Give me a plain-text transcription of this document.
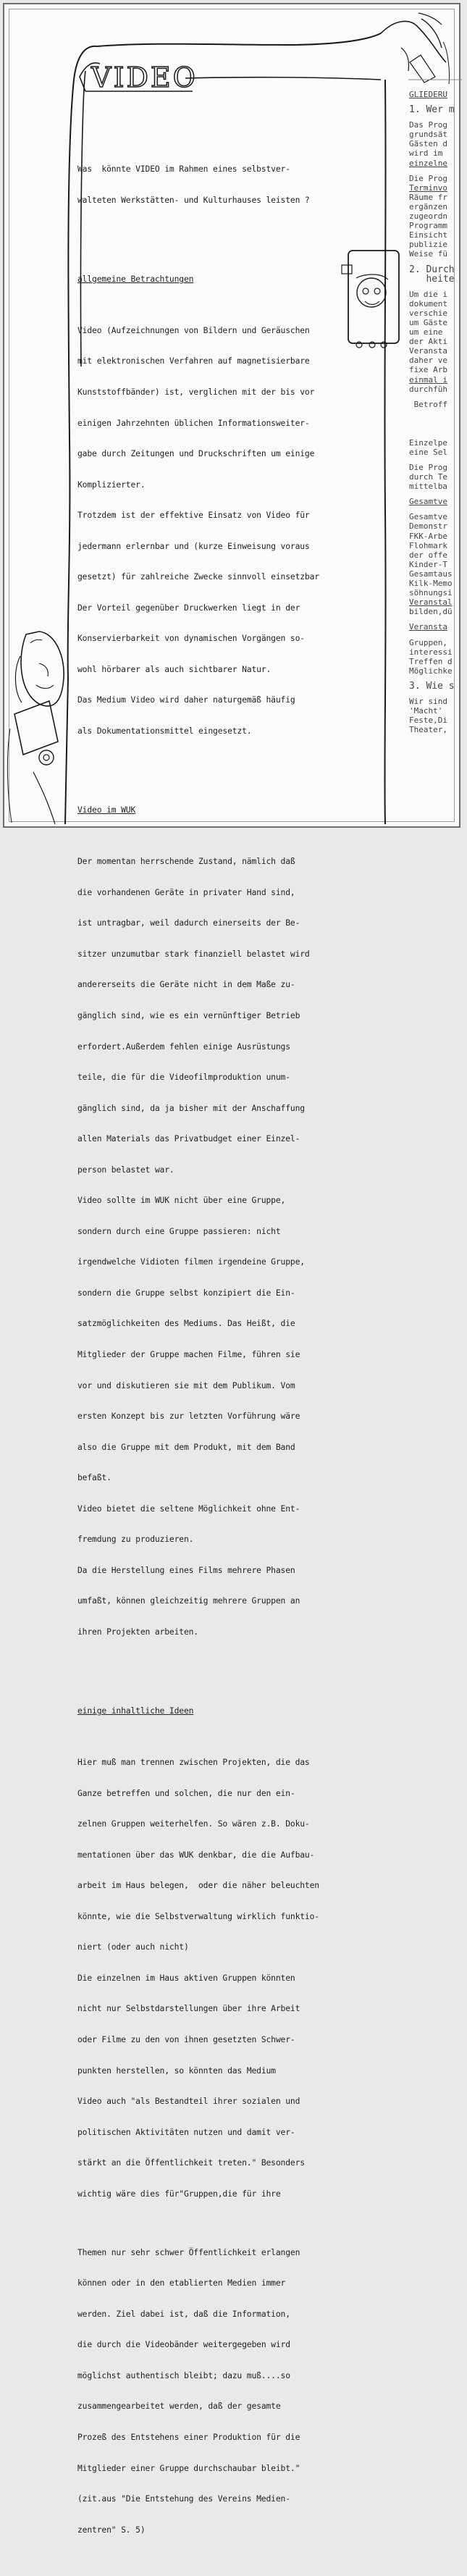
VIDEO

Was  könnte VIDEO im Rahmen eines selbstver-

walteten Werkstätten- und Kulturhauses leisten ?

allgemeine Betrachtungen

Video (Aufzeichnungen von Bildern und Geräuschen

mit elektronischen Verfahren auf magnetisierbare

Kunststoffbänder) ist, verglichen mit der bis vor

einigen Jahrzehnten üblichen Informationsweiter-

gabe durch Zeitungen und Druckschriften um einige

Komplizierter.

Trotzdem ist der effektive Einsatz von Video für

jedermann erlernbar und (kurze Einweisung voraus

gesetzt) für zahlreiche Zwecke sinnvoll einsetzbar

Der Vorteil gegenüber Druckwerken liegt in der

Konservierbarkeit von dynamischen Vorgängen so-

wohl hörbarer als auch sichtbarer Natur.

Das Medium Video wird daher naturgemäß häufig

als Dokumentationsmittel eingesetzt.

Video im WUK

Der momentan herrschende Zustand, nämlich daß

die vorhandenen Geräte in privater Hand sind,

ist untragbar, weil dadurch einerseits der Be-

sitzer unzumutbar stark finanziell belastet wird

andererseits die Geräte nicht in dem Maße zu-

gänglich sind, wie es ein vernünftiger Betrieb

erfordert.Außerdem fehlen einige Ausrüstungs

teile, die für die Videofilmproduktion unum-

gänglich sind, da ja bisher mit der Anschaffung

allen Materials das Privatbudget einer Einzel-

person belastet war.

Video sollte im WUK nicht über eine Gruppe,

sondern durch eine Gruppe passieren: nicht

irgendwelche Vidioten filmen irgendeine Gruppe,

sondern die Gruppe selbst konzipiert die Ein-

satzmöglichkeiten des Mediums. Das Heißt, die

Mitglieder der Gruppe machen Filme, führen sie

vor und diskutieren sie mit dem Publikum. Vom

ersten Konzept bis zur letzten Vorführung wäre

also die Gruppe mit dem Produkt, mit dem Band

befaßt.

Video bietet die seltene Möglichkeit ohne Ent-

fremdung zu produzieren.

Da die Herstellung eines Films mehrere Phasen

umfaßt, können gleichzeitig mehrere Gruppen an

ihren Projekten arbeiten.

einige inhaltliche Ideen

Hier muß man trennen zwischen Projekten, die das

Ganze betreffen und solchen, die nur den ein-

zelnen Gruppen weiterhelfen. So wären z.B. Doku-

mentationen über das WUK denkbar, die die Aufbau-

arbeit im Haus belegen,  oder die näher beleuchten

könnte, wie die Selbstverwaltung wirklich funktio-

niert (oder auch nicht)

Die einzelnen im Haus aktiven Gruppen könnten

nicht nur Selbstdarstellungen über ihre Arbeit

oder Filme zu den von ihnen gesetzten Schwer-

punkten herstellen, so könnten das Medium

Video auch "als Bestandteil ihrer sozialen und

politischen Aktivitäten nutzen und damit ver-

stärkt an die Öffentlichkeit treten." Besonders

wichtig wäre dies für"Gruppen,die für ihre

Themen nur sehr schwer Öffentlichkeit erlangen

können oder in den etablierten Medien immer

werden. Ziel dabei ist, daß die Information,

die durch die Videobänder weitergegeben wird

möglichst authentisch bleibt; dazu muß....so

zusammengearbeitet werden, daß der gesamte

Prozeß des Entstehens einer Produktion für die

Mitglieder einer Gruppe durchschaubar bleibt."

(zit.aus "Die Entstehung des Vereins Medien-

zentren" S. 5)

GLIEDERU
1. Wer m
Das Prog
grundsät
Gästen d
wird im
einzelne
Die Prog
Terminvo
Räume fr
ergänzen
zugeordn
Programm
Einsicht
publizie
Weise fü
2. Durch
heite
Um die i
dokument
verschie
um Gäste
um eine
der Akti
Veransta
daher ve
fixe Arb
einmal i
durchfüh
Betroff
Einzelpe
eine Sel
Die Prog
durch Te
mittelba
Gesamtve
Gesamtve
Demonstr
FKK-Arbe
Flohmark
der offe
Kinder-T
Gesamtaus
Kilk-Memo
söhnungsi
Veranstal
bilden,dü
Veransta
Gruppen,
interessi
Treffen d
Möglichke
3. Wie s
Wir sind
'Macht'
Feste,Di
Theater,
